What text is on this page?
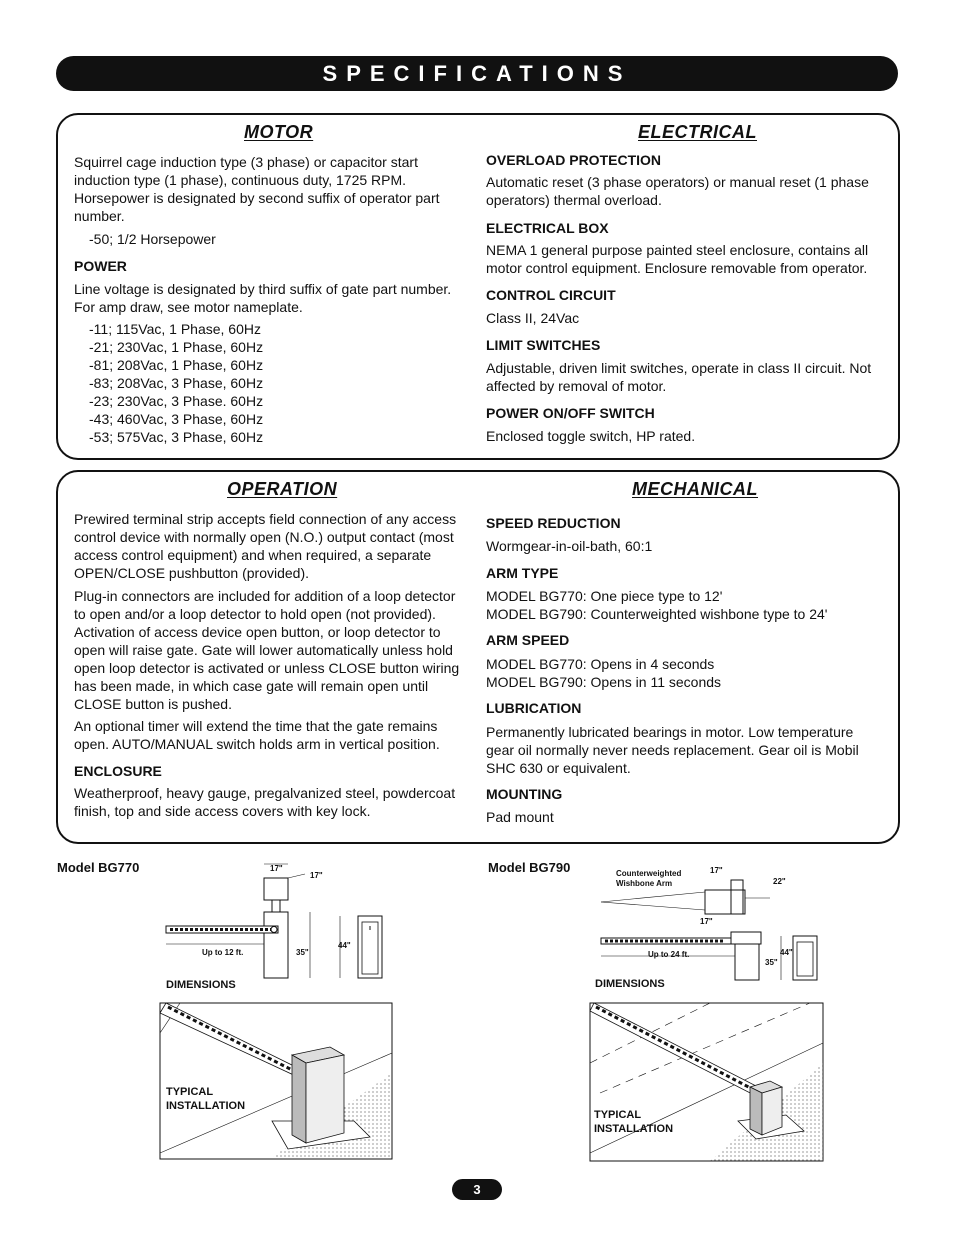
SPECIFICATIONS
MOTOR

Squirrel cage induction type (3 phase) or capacitor start induction type (1 phase), continuous duty, 1725 RPM. Horsepower is designated by second suffix of operator part number.

-50; 1/2 Horsepower

POWER

Line voltage is designated by third suffix of gate part number. For amp draw, see motor nameplate.

-11; 115Vac, 1 Phase, 60Hz

-21; 230Vac, 1 Phase, 60Hz

-81; 208Vac, 1 Phase, 60Hz

-83; 208Vac, 3 Phase, 60Hz

-23; 230Vac, 3 Phase. 60Hz

-43; 460Vac, 3 Phase, 60Hz

-53; 575Vac, 3 Phase, 60Hz

ELECTRICAL

OVERLOAD PROTECTION

Automatic reset (3 phase operators) or manual reset (1 phase operators) thermal overload.

ELECTRICAL BOX

NEMA 1 general purpose painted steel enclosure, contains all motor control equipment. Enclosure removable from operator.

CONTROL CIRCUIT

Class II, 24Vac

LIMIT SWITCHES

Adjustable, driven limit switches, operate in class II circuit. Not affected by removal of motor.

POWER ON/OFF SWITCH

Enclosed toggle switch, HP rated.

OPERATION

Prewired terminal strip accepts field connection of any access control device with normally open (N.O.) output contact (most access control equipment) and when required, a separate OPEN/CLOSE pushbutton (provided).

Plug-in connectors are included for addition of a loop detector to open and/or a loop detector to hold open (not provided). Activation of access device open button, or loop detector to open will raise gate. Gate will lower automatically unless hold open loop detector is activated or unless CLOSE button wiring has been made, in which case gate will remain open until CLOSE button is pushed.

An optional timer will extend the time that the gate remains open. AUTO/MANUAL switch holds arm in vertical position.

ENCLOSURE

Weatherproof, heavy gauge, pregalvanized steel, powdercoat finish, top and side access covers with key lock.

MECHANICAL

SPEED REDUCTION

Wormgear-in-oil-bath, 60:1

ARM TYPE

MODEL BG770: One piece type to 12'

MODEL BG790: Counterweighted wishbone type to 24'

ARM SPEED

MODEL BG770: Opens in 4 seconds

MODEL BG790: Opens in 11 seconds

LUBRICATION

Permanently lubricated bearings in motor. Low temperature gear oil normally never needs replacement. Gear oil is Mobil SHC 630 or equivalent.

MOUNTING

Pad mount

Model BG770	17"
17"
Up to 12 ft.	35"
44"
DIMENSIONS
TYPICAL
INSTALLATION
Model BG790	Counterweighted
Wishbone Arm
17"
22"
17"
Up to 24 ft.	44"
35"
DIMENSIONS
TYPICAL
INSTALLATION
3
